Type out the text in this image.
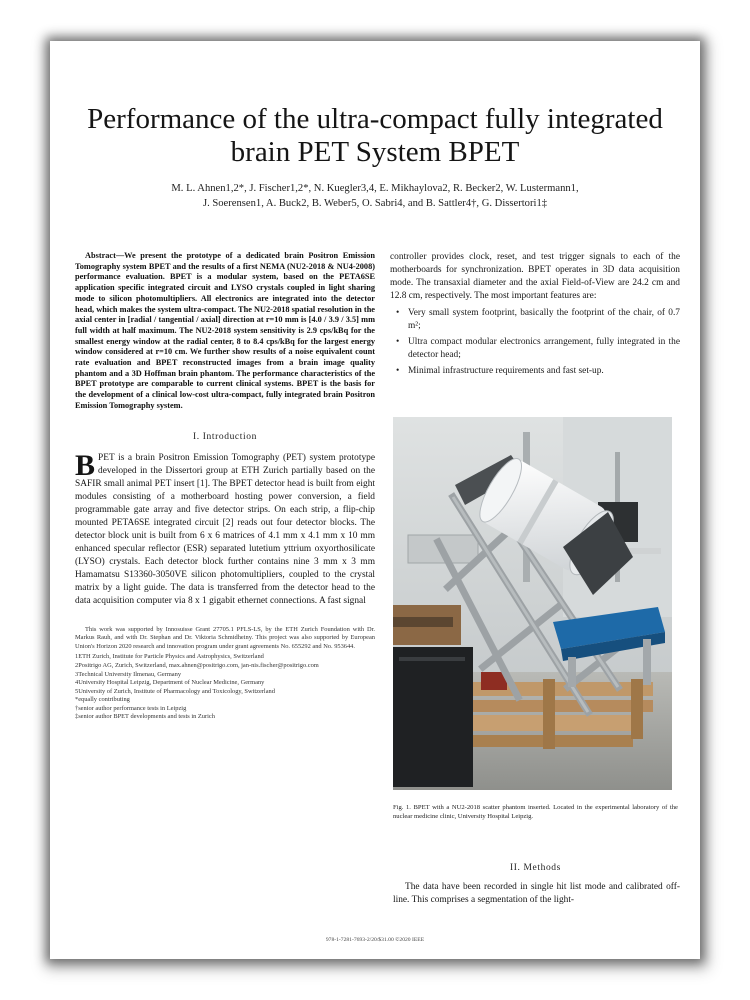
Performance of the ultra-compact fully integrated brain PET System BPET
M. L. Ahnen1,2*, J. Fischer1,2*, N. Kuegler3,4, E. Mikhaylova2, R. Becker2, W. Lustermann1,
J. Soerensen1, A. Buck2, B. Weber5, O. Sabri4, and B. Sattler4†, G. Dissertori1‡

Abstract—We present the prototype of a dedicated brain Positron Emission Tomography system BPET and the results of a first NEMA (NU2-2018 & NU4-2008) performance evaluation. BPET is a modular system, based on the PETA6SE application specific integrated circuit and LYSO crystals coupled in light sharing mode to silicon photomultipliers. All electronics are integrated into the detector head, which makes the system ultra-compact. The NU2-2018 spatial resolution in the axial center in [radial / tangential / axial] direction at r=10 mm is [4.0 / 3.9 / 3.5] mm full width at half maximum. The NU2-2018 system sensitivity is 2.9 cps/kBq for the smallest energy window at the radial center, 8 to 8.4 cps/kBq for the largest energy window considered at r=10 cm. We further show results of a noise equivalent count rate evaluation and BPET reconstructed images from a brain image quality phantom and a 3D Hoffman brain phantom. The performance characteristics of the BPET prototype are comparable to current clinical systems. BPET is the basis for the development of a clinical low-cost ultra-compact, fully integrated brain Positron Emission Tomography system.

I. Introduction

B PET is a brain Positron Emission Tomography (PET) system prototype developed in the Dissertori group at ETH Zurich partially based on the SAFIR small animal PET insert [1]. The BPET detector head is built from eight modules consisting of a motherboard hosting power conversion, a field programmable gate array and five detector strips. On each strip, a flip-chip mounted PETA6SE integrated circuit [2] reads out four detector blocks. The detector block unit is built from 6 x 6 matrices of 4.1 mm x 4.1 mm x 10 mm enhanced specular reflector (ESR) separated lutetium yttrium oxyorthosilicate (LYSO) crystals. Each detector block further contains nine 3 mm x 3 mm Hamamatsu S13360-3050VE silicon photomultipliers, coupled to the crystal matrix by a light guide. The data is transferred from the detector head to the data acquisition computer via 8 x 1 gigabit ethernet connections. A fast signal

This work was supported by Innosuisse Grant 27705.1 PFLS-LS, by the ETH Zurich Foundation with Dr. Markus Rauh, and with Dr. Stephan and Dr. Viktoria Schmidheiny. This project was also supported by European Union's Horizon 2020 research and innovation program under grant agreements No. 655292 and No. 953644.

1ETH Zurich, Institute for Particle Physics and Astrophysics, Switzerland

2Positrigo AG, Zurich, Switzerland, max.ahnen@positrigo.com, jan-nis.fischer@positrigo.com

3Technical University Ilmenau, Germany

4University Hospital Leipzig, Department of Nuclear Medicine, Germany

5University of Zurich, Institute of Pharmacology and Toxicology, Switzerland

*equally contributing

†senior author performance tests in Leipzig

‡senior author BPET developments and tests in Zurich

controller provides clock, reset, and test trigger signals to each of the motherboards for synchronization. BPET operates in 3D data acquisition mode. The transaxial diameter and the axial Field-of-View are 24.2 cm and 12.8 cm, respectively. The most important features are:

• Very small system footprint, basically the footprint of the chair, of 0.7 m²;
• Ultra compact modular electronics arrangement, fully integrated in the detector head;
• Minimal infrastructure requirements and fast set-up.
Fig. 1. BPET with a NU2-2018 scatter phantom inserted. Located in the experimental laboratory of the nuclear medicine clinic, University Hospital Leipzig.
II. Methods
The data have been recorded in single hit list mode and calibrated off-line. This comprises a segmentation of the light-
978-1-7281-7693-2/20/$31.00 ©2020 IEEE
